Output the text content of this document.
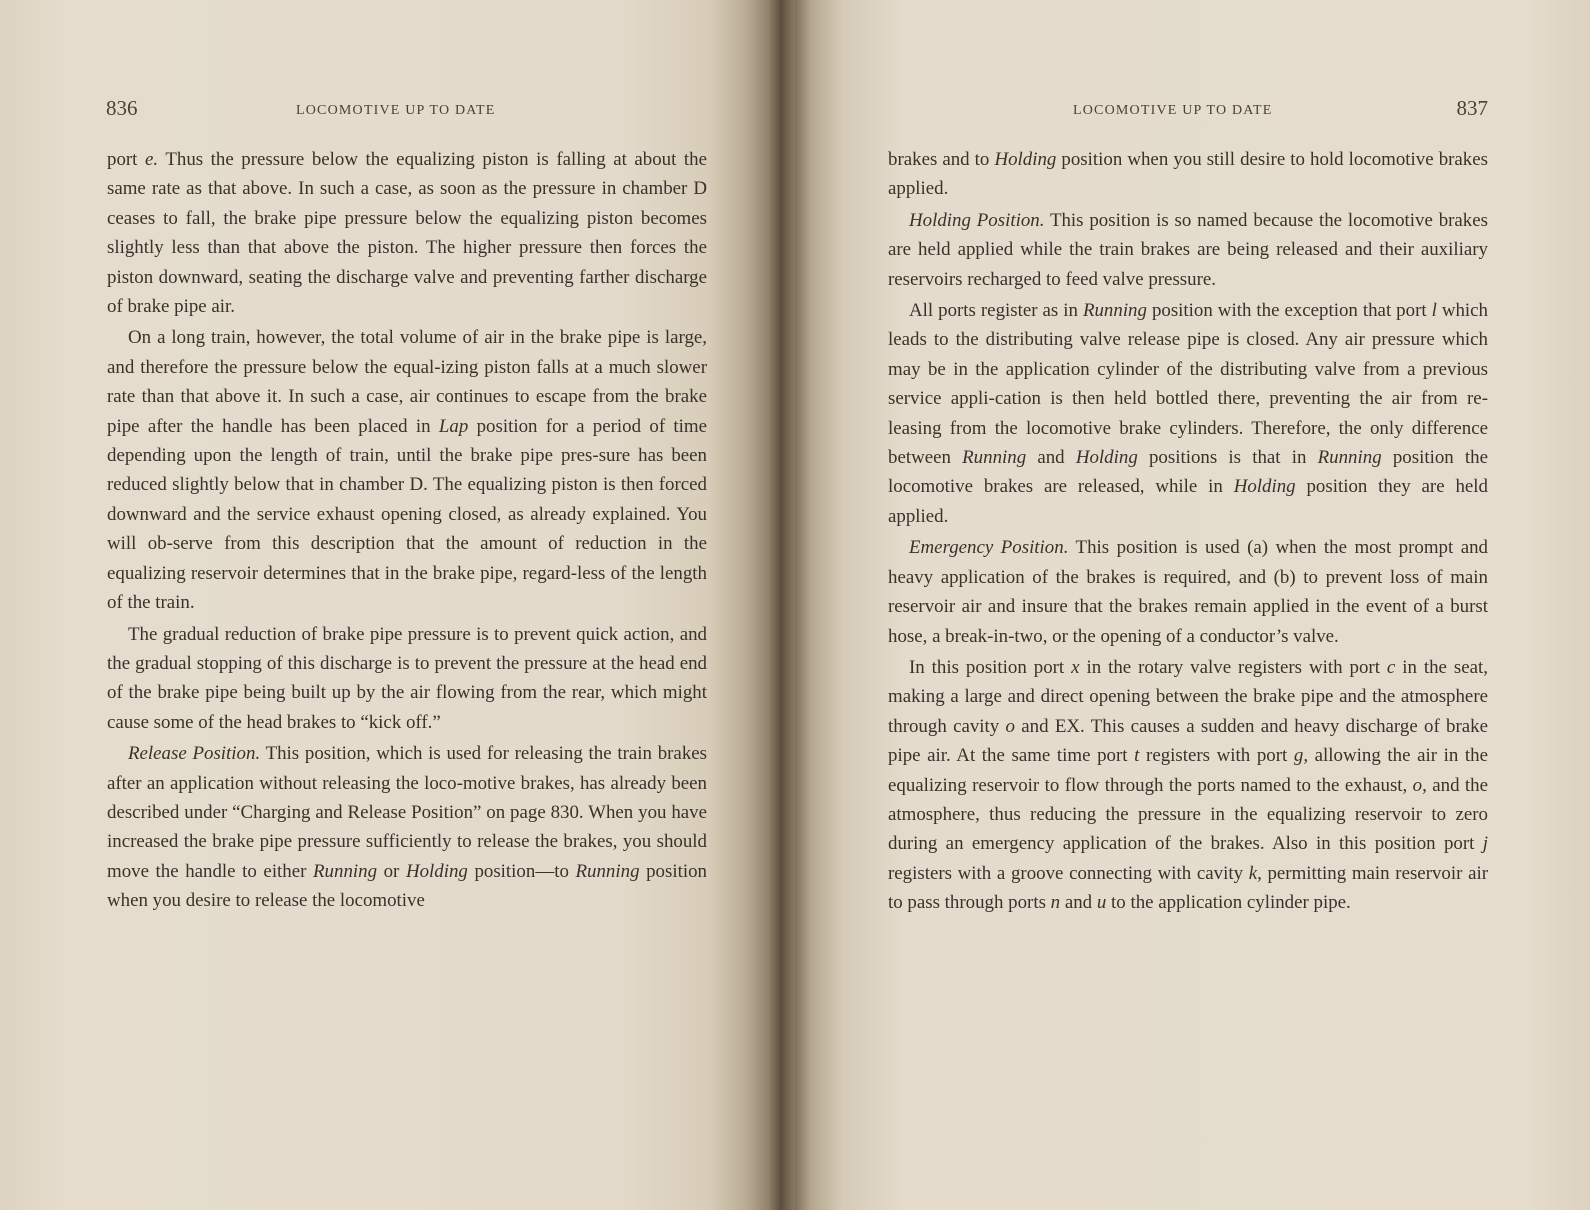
836	LOCOMOTIVE UP TO DATE

port e. Thus the pressure below the equalizing piston is falling at about the same rate as that above. In such a case, as soon as the pressure in chamber D ceases to fall, the brake pipe pressure below the equalizing piston becomes slightly less than that above the piston. The higher pressure then forces the piston downward, seating the discharge valve and preventing farther discharge of brake pipe air.

On a long train, however, the total volume of air in the brake pipe is large, and therefore the pressure below the equal-izing piston falls at a much slower rate than that above it. In such a case, air continues to escape from the brake pipe after the handle has been placed in Lap position for a period of time depending upon the length of train, until the brake pipe pres-sure has been reduced slightly below that in chamber D. The equalizing piston is then forced downward and the service exhaust opening closed, as already explained. You will ob-serve from this description that the amount of reduction in the equalizing reservoir determines that in the brake pipe, regard-less of the length of the train.

The gradual reduction of brake pipe pressure is to prevent quick action, and the gradual stopping of this discharge is to prevent the pressure at the head end of the brake pipe being built up by the air flowing from the rear, which might cause some of the head brakes to “kick off.”

Release Position. This position, which is used for releasing the train brakes after an application without releasing the loco-motive brakes, has already been described under “Charging and Release Position” on page 830. When you have increased the brake pipe pressure sufficiently to release the brakes, you should move the handle to either Running or Holding position—to Running position when you desire to release the locomotive

LOCOMOTIVE UP TO DATE	837

brakes and to Holding position when you still desire to hold locomotive brakes applied.

Holding Position. This position is so named because the locomotive brakes are held applied while the train brakes are being released and their auxiliary reservoirs recharged to feed valve pressure.

All ports register as in Running position with the exception that port l which leads to the distributing valve release pipe is closed. Any air pressure which may be in the application cylinder of the distributing valve from a previous service appli-cation is then held bottled there, preventing the air from re-leasing from the locomotive brake cylinders. Therefore, the only difference between Running and Holding positions is that in Running position the locomotive brakes are released, while in Holding position they are held applied.

Emergency Position. This position is used (a) when the most prompt and heavy application of the brakes is required, and (b) to prevent loss of main reservoir air and insure that the brakes remain applied in the event of a burst hose, a break-in-two, or the opening of a conductor’s valve.

In this position port x in the rotary valve registers with port c in the seat, making a large and direct opening between the brake pipe and the atmosphere through cavity o and EX. This causes a sudden and heavy discharge of brake pipe air. At the same time port t registers with port g, allowing the air in the equalizing reservoir to flow through the ports named to the exhaust, o, and the atmosphere, thus reducing the pressure in the equalizing reservoir to zero during an emergency application of the brakes. Also in this position port j registers with a groove connecting with cavity k, permitting main reservoir air to pass through ports n and u to the application cylinder pipe.
